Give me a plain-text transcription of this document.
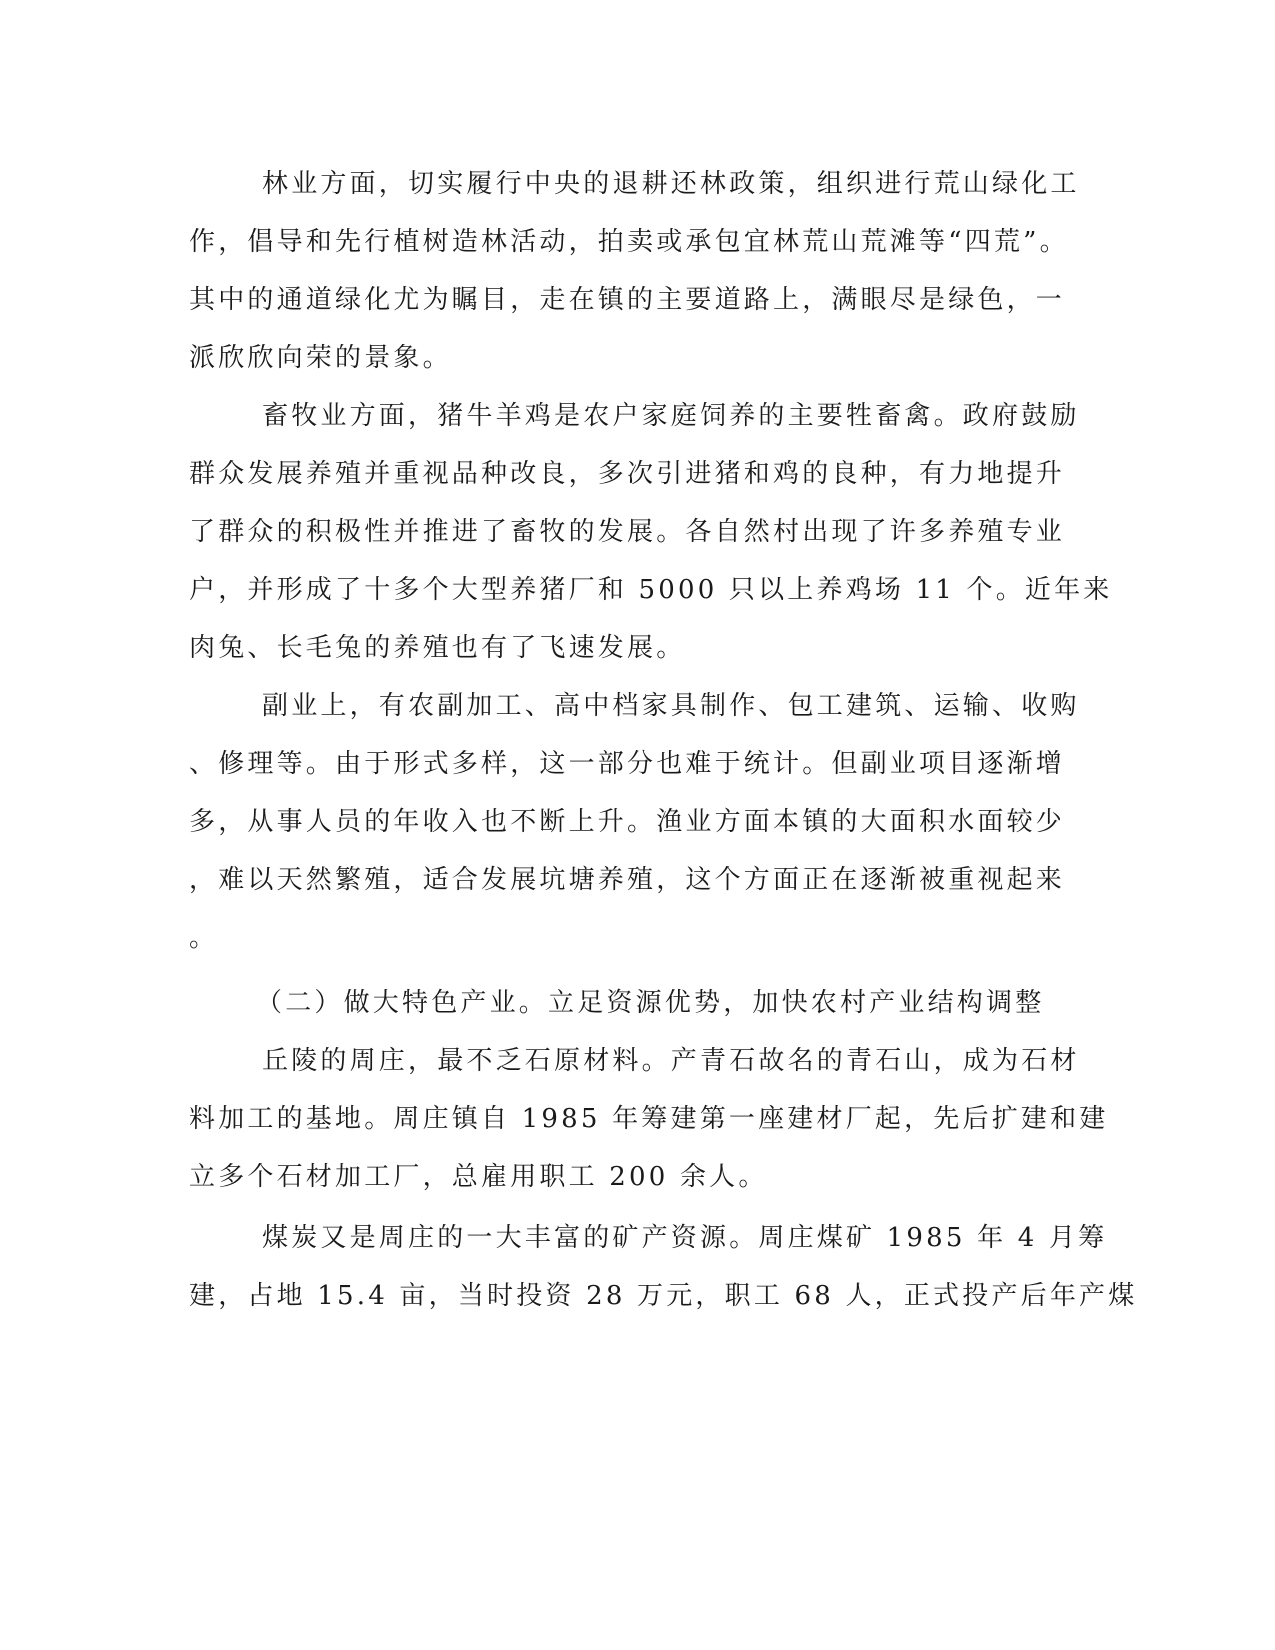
林业方面，切实履行中央的退耕还林政策，组织进行荒山绿化工
作，倡导和先行植树造林活动，拍卖或承包宜林荒山荒滩等“四荒”。
其中的通道绿化尤为瞩目，走在镇的主要道路上，满眼尽是绿色，一
派欣欣向荣的景象。
畜牧业方面，猪牛羊鸡是农户家庭饲养的主要牲畜禽。政府鼓励
群众发展养殖并重视品种改良，多次引进猪和鸡的良种，有力地提升
了群众的积极性并推进了畜牧的发展。各自然村出现了许多养殖专业
户，并形成了十多个大型养猪厂和 5000 只以上养鸡场 11 个。近年来
肉兔、长毛兔的养殖也有了飞速发展。
副业上，有农副加工、高中档家具制作、包工建筑、运输、收购
、修理等。由于形式多样，这一部分也难于统计。但副业项目逐渐增
多，从事人员的年收入也不断上升。渔业方面本镇的大面积水面较少
，难以天然繁殖，适合发展坑塘养殖，这个方面正在逐渐被重视起来
。
（二）做大特色产业。立足资源优势，加快农村产业结构调整
丘陵的周庄，最不乏石原材料。产青石故名的青石山，成为石材
料加工的基地。周庄镇自 1985 年筹建第一座建材厂起，先后扩建和建
立多个石材加工厂，总雇用职工 200 余人。
煤炭又是周庄的一大丰富的矿产资源。周庄煤矿 1985 年 4 月筹
建，占地 15.4 亩，当时投资 28 万元，职工 68 人，正式投产后年产煤
